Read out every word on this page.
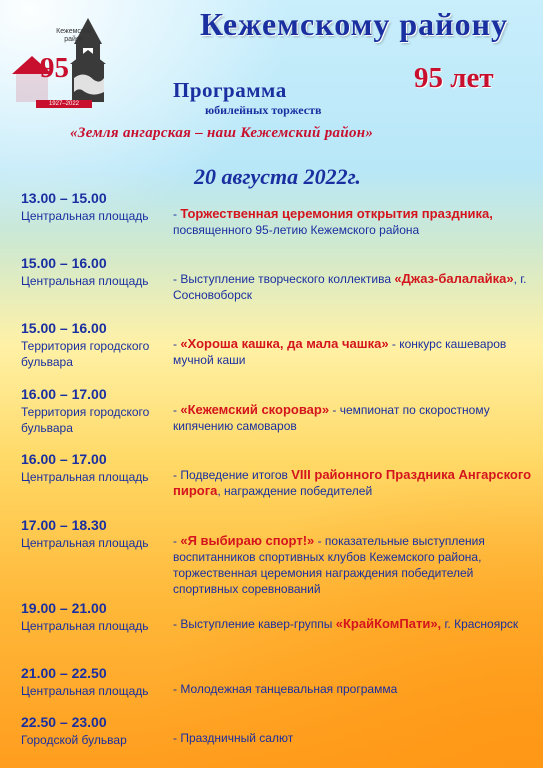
Кежемский район
95
1927–2022
Кежемскому району
95 лет
Программа
юбилейных торжеств
«Земля ангарская – наш Кежемский район»
20 августа 2022г.
13.00 – 15.00
Центральная площадь	- Торжественная церемония открытия праздника, посвященного 95-летию Кежемского района
15.00 – 16.00
Центральная площадь	- Выступление творческого коллектива «Джаз-балалайка», г. Сосновоборск
15.00 – 16.00
Территория городского бульвара
- «Хороша кашка, да мала чашка» - конкурс кашеваров мучной каши
16.00 – 17.00
Территория городского бульвара
- «Кежемский скоровар» - чемпионат по скоростному кипячению самоваров
16.00 – 17.00
Центральная площадь	- Подведение итогов VIII районного Праздника Ангарского пирога, награждение победителей
17.00 – 18.30
Центральная площадь	- «Я выбираю спорт!» - показательные выступления воспитанников спортивных клубов Кежемского района, торжественная церемония награждения победителей спортивных соревнований
19.00 – 21.00
Центральная площадь	- Выступление кавер-группы «КрайКомПати», г. Красноярск
21.00 – 22.50
Центральная площадь	- Молодежная танцевальная программа
22.50 – 23.00
Городской бульвар	- Праздничный салют
